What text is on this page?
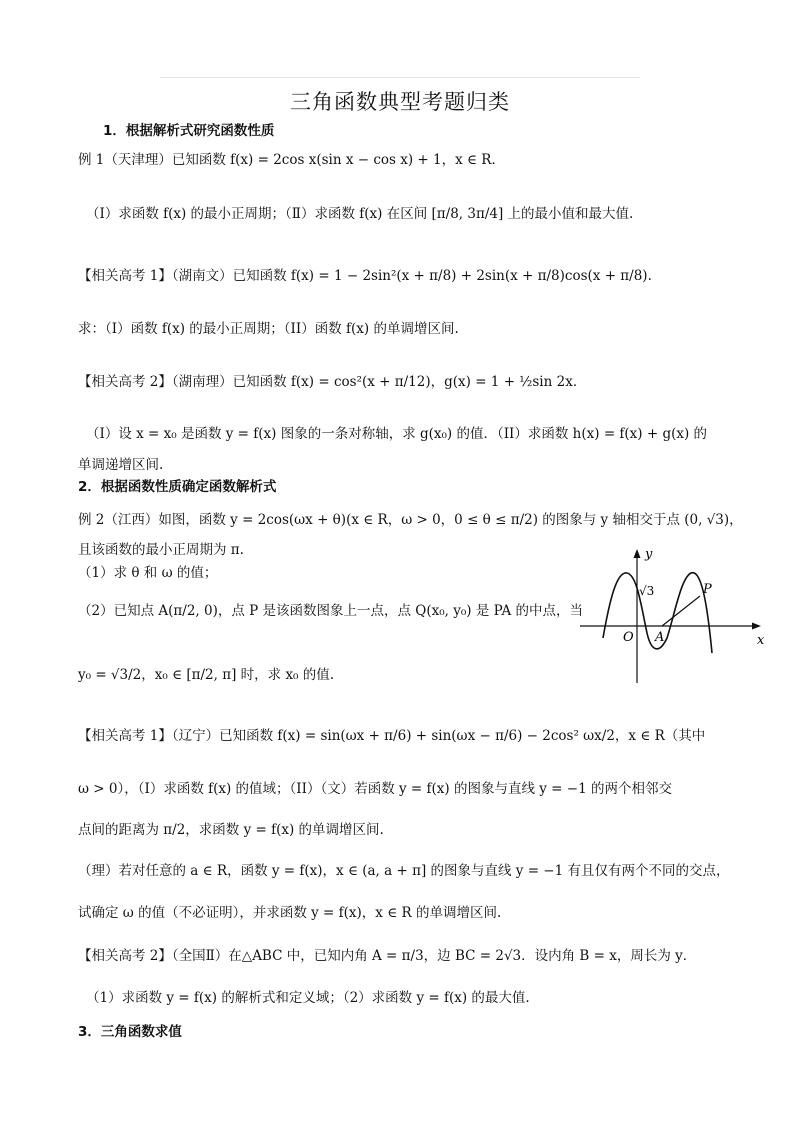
三角函数典型考题归类
1．根据解析式研究函数性质
例 1（天津理）已知函数 f(x) = 2cos x(sin x − cos x) + 1，x ∈ R．
（Ⅰ）求函数 f(x) 的最小正周期；（Ⅱ）求函数 f(x) 在区间 [π/8, 3π/4] 上的最小值和最大值.
【相关高考 1】（湖南文）已知函数 f(x) = 1 − 2sin²(x + π/8) + 2sin(x + π/8)cos(x + π/8).
求：（I）函数 f(x) 的最小正周期；（II）函数 f(x) 的单调增区间.
【相关高考 2】（湖南理）已知函数 f(x) = cos²(x + π/12)，g(x) = 1 + ½sin 2x．
（I）设 x = x₀ 是函数 y = f(x) 图象的一条对称轴，求 g(x₀) 的值．（II）求函数 h(x) = f(x) + g(x) 的
单调递增区间.
2．根据函数性质确定函数解析式
例 2（江西）如图，函数 y = 2cos(ωx + θ)(x ∈ R，ω > 0，0 ≤ θ ≤ π/2) 的图象与 y 轴相交于点 (0, √3)，
且该函数的最小正周期为 π.
（1）求 θ 和 ω 的值；
（2）已知点 A(π/2, 0)，点 P 是该函数图象上一点，点 Q(x₀, y₀) 是 PA 的中点，当
y₀ = √3/2，x₀ ∈ [π/2, π] 时，求 x₀ 的值.
【相关高考 1】（辽宁）已知函数 f(x) = sin(ωx + π/6) + sin(ωx − π/6) − 2cos² ωx/2，x ∈ R（其中
ω > 0），（I）求函数 f(x) 的值域；（II）（文）若函数 y = f(x) 的图象与直线 y = −1 的两个相邻交
点间的距离为 π/2，求函数 y = f(x) 的单调增区间.
（理）若对任意的 a ∈ R，函数 y = f(x)，x ∈ (a, a + π] 的图象与直线 y = −1 有且仅有两个不同的交点，
试确定 ω 的值（不必证明），并求函数 y = f(x)，x ∈ R 的单调增区间.
【相关高考 2】（全国Ⅱ）在△ABC 中，已知内角 A = π/3，边 BC = 2√3．设内角 B = x，周长为 y．
（1）求函数 y = f(x) 的解析式和定义域；（2）求函数 y = f(x) 的最大值.
3．三角函数求值
y
x
O A
P
√3
